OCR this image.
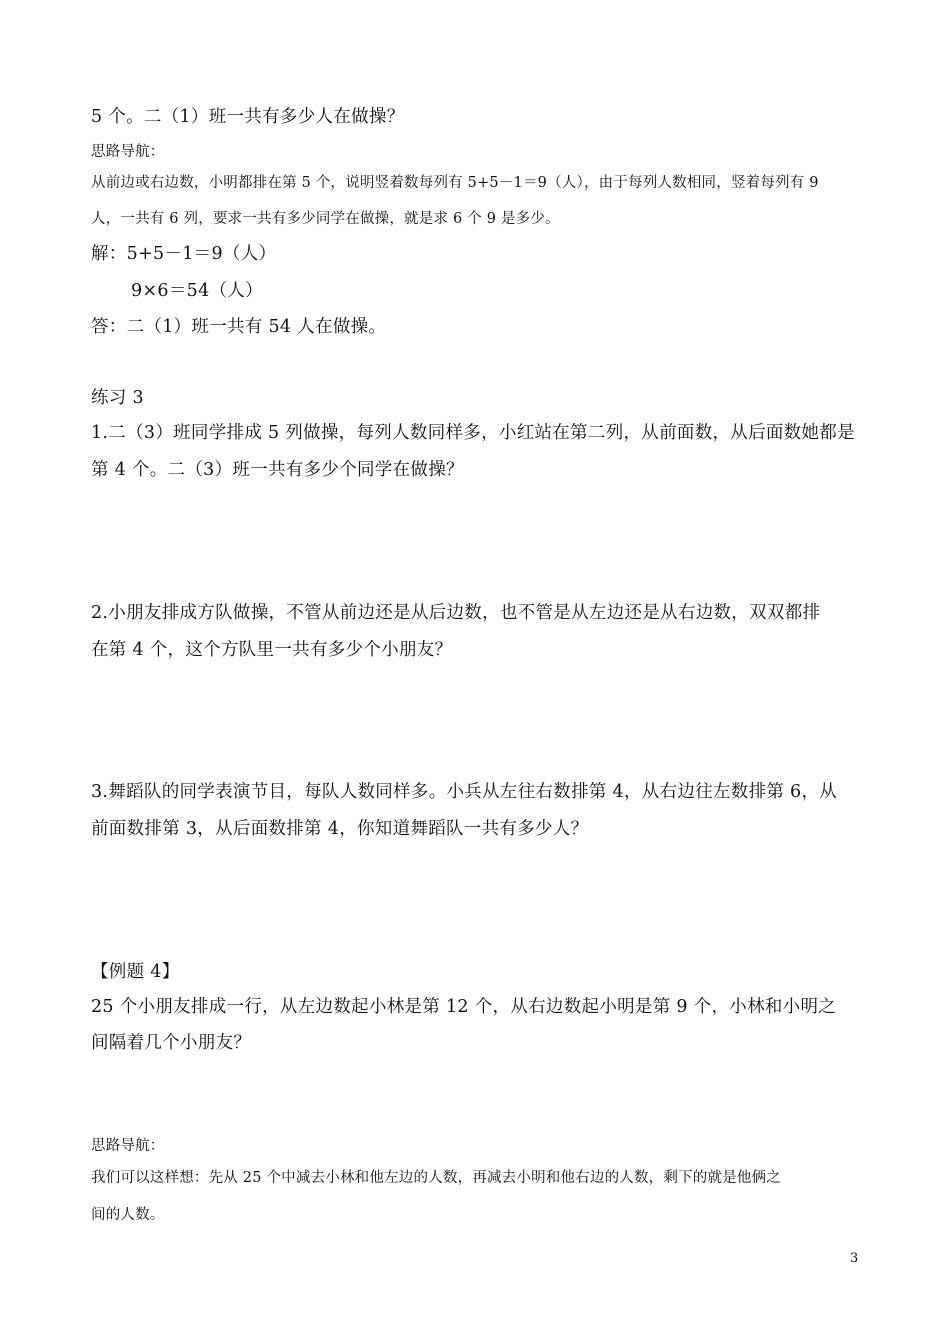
5 个。二（1）班一共有多少人在做操？
思路导航：
从前边或右边数，小明都排在第 5 个，说明竖着数每列有 5+5－1＝9（人），由于每列人数相同，竖着每列有 9
人，一共有 6 列，要求一共有多少同学在做操，就是求 6 个 9 是多少。
解：5+5－1＝9（人）
9×6＝54（人）
答：二（1）班一共有 54 人在做操。
练习 3
1.二（3）班同学排成 5 列做操，每列人数同样多，小红站在第二列，从前面数，从后面数她都是
第 4 个。二（3）班一共有多少个同学在做操？
2.小朋友排成方队做操，不管从前边还是从后边数，也不管是从左边还是从右边数，双双都排
在第 4 个，这个方队里一共有多少个小朋友？
3.舞蹈队的同学表演节目，每队人数同样多。小兵从左往右数排第 4，从右边往左数排第 6，从
前面数排第 3，从后面数排第 4，你知道舞蹈队一共有多少人？
【例题 4】
25 个小朋友排成一行，从左边数起小林是第 12 个，从右边数起小明是第 9 个，小林和小明之
间隔着几个小朋友？
思路导航：
我们可以这样想：先从 25 个中减去小林和他左边的人数，再减去小明和他右边的人数，剩下的就是他俩之
间的人数。
3
